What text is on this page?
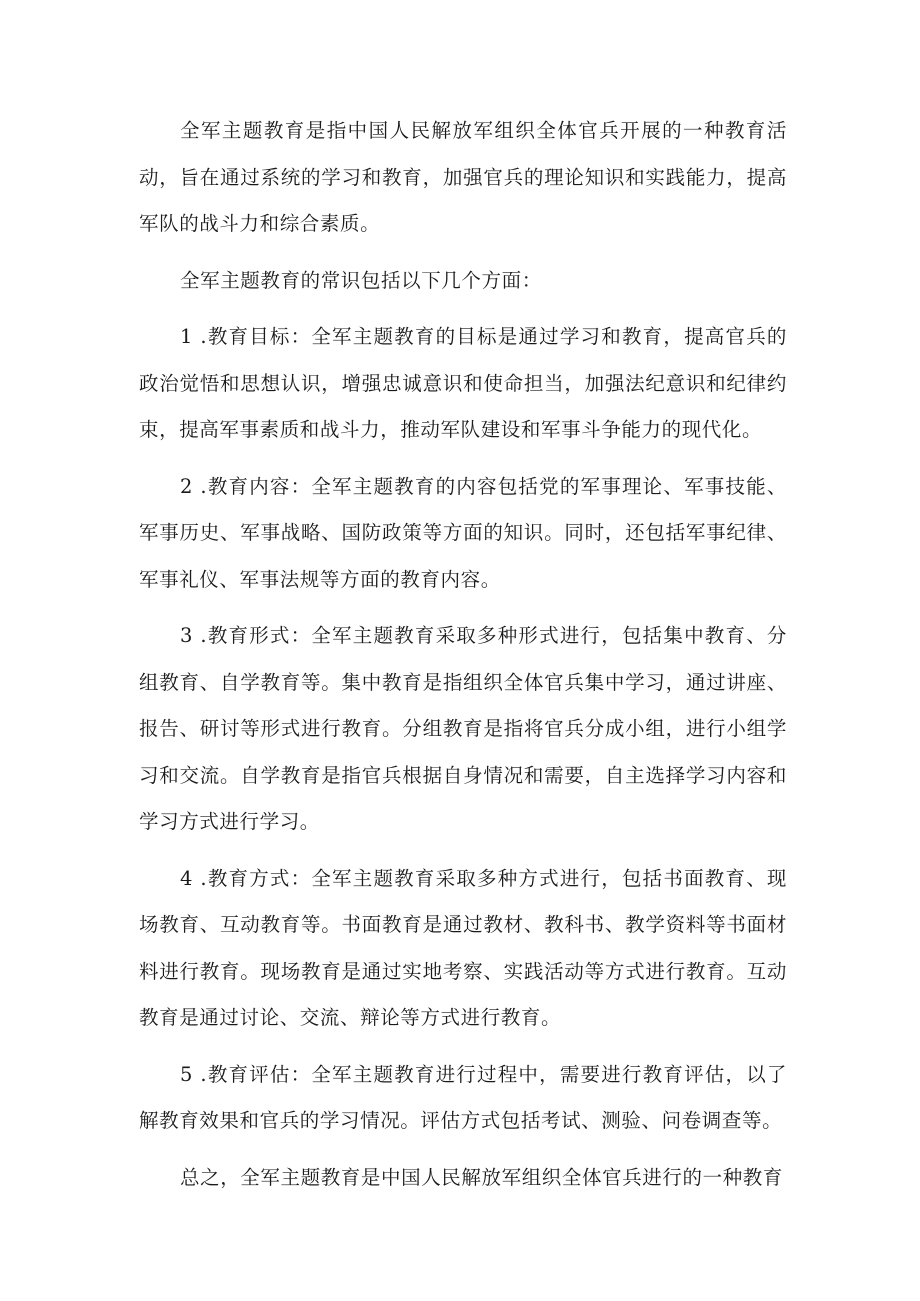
全军主题教育是指中国人民解放军组织全体官兵开展的一种教育活动，旨在通过系统的学习和教育，加强官兵的理论知识和实践能力，提高军队的战斗力和综合素质。

全军主题教育的常识包括以下几个方面：

1 .教育目标：全军主题教育的目标是通过学习和教育，提高官兵的政治觉悟和思想认识，增强忠诚意识和使命担当，加强法纪意识和纪律约束，提高军事素质和战斗力，推动军队建设和军事斗争能力的现代化。

2 .教育内容：全军主题教育的内容包括党的军事理论、军事技能、军事历史、军事战略、国防政策等方面的知识。同时，还包括军事纪律、军事礼仪、军事法规等方面的教育内容。

3 .教育形式：全军主题教育采取多种形式进行，包括集中教育、分组教育、自学教育等。集中教育是指组织全体官兵集中学习，通过讲座、报告、研讨等形式进行教育。分组教育是指将官兵分成小组，进行小组学习和交流。自学教育是指官兵根据自身情况和需要，自主选择学习内容和学习方式进行学习。

4 .教育方式：全军主题教育采取多种方式进行，包括书面教育、现场教育、互动教育等。书面教育是通过教材、教科书、教学资料等书面材料进行教育。现场教育是通过实地考察、实践活动等方式进行教育。互动教育是通过讨论、交流、辩论等方式进行教育。

5 .教育评估：全军主题教育进行过程中，需要进行教育评估，以了解教育效果和官兵的学习情况。评估方式包括考试、测验、问卷调查等。

总之，全军主题教育是中国人民解放军组织全体官兵进行的一种教育
